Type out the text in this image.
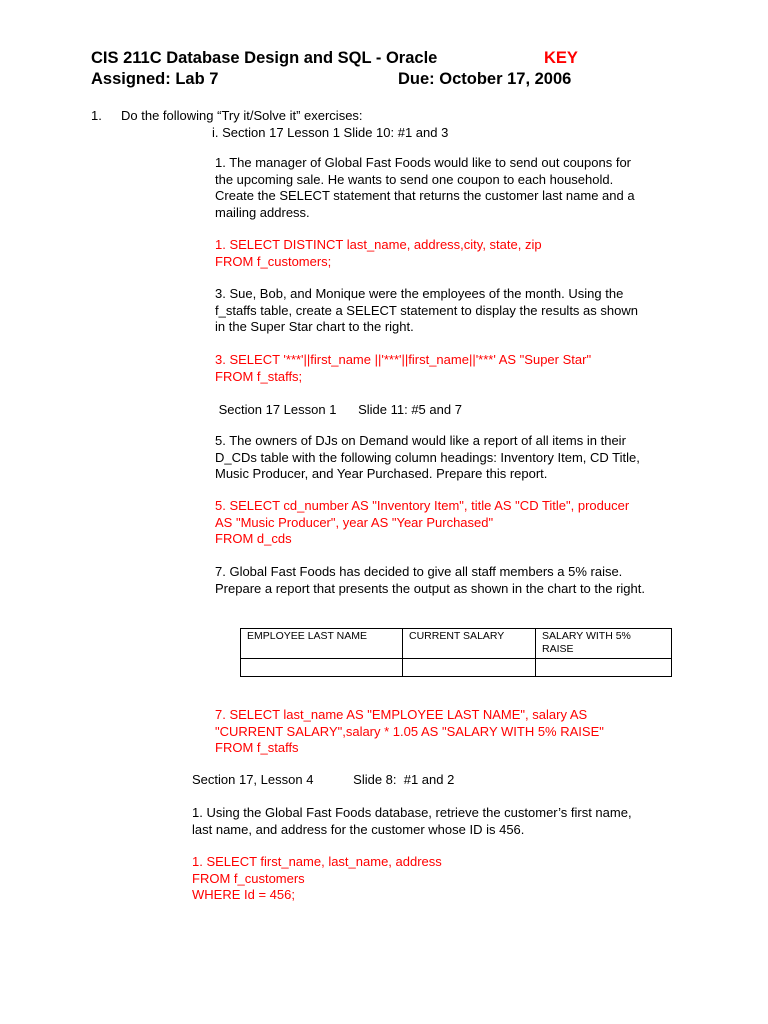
CIS 211C Database Design and SQL - Oracle	KEY
Assigned: Lab 7	Due: October 17, 2006
1. Do the following “Try it/Solve it” exercises:
i. Section 17 Lesson 1 Slide 10: #1 and 3
1. The manager of Global Fast Foods would like to send out coupons for
the upcoming sale. He wants to send one coupon to each household.
Create the SELECT statement that returns the customer last name and a
mailing address.
1. SELECT DISTINCT last_name, address,city, state, zip
FROM f_customers;
3. Sue, Bob, and Monique were the employees of the month. Using the
f_staffs table, create a SELECT statement to display the results as shown
in the Super Star chart to the right.
3. SELECT '***'||first_name ||'***'||first_name||'***' AS "Super Star"
FROM f_staffs;
Section 17 Lesson 1      Slide 11: #5 and 7
5. The owners of DJs on Demand would like a report of all items in their
D_CDs table with the following column headings: Inventory Item, CD Title,
Music Producer, and Year Purchased. Prepare this report.
5. SELECT cd_number AS "Inventory Item", title AS "CD Title", producer
AS "Music Producer", year AS "Year Purchased"
FROM d_cds
7. Global Fast Foods has decided to give all staff members a 5% raise.
Prepare a report that presents the output as shown in the chart to the right.
EMPLOYEE LAST NAME	CURRENT SALARY	SALARY WITH 5% RAISE

7. SELECT last_name AS "EMPLOYEE LAST NAME", salary AS
"CURRENT SALARY",salary * 1.05 AS "SALARY WITH 5% RAISE"
FROM f_staffs
Section 17, Lesson 4           Slide 8:  #1 and 2
1. Using the Global Fast Foods database, retrieve the customer’s first name,
last name, and address for the customer whose ID is 456.
1. SELECT first_name, last_name, address
FROM f_customers
WHERE Id = 456;
